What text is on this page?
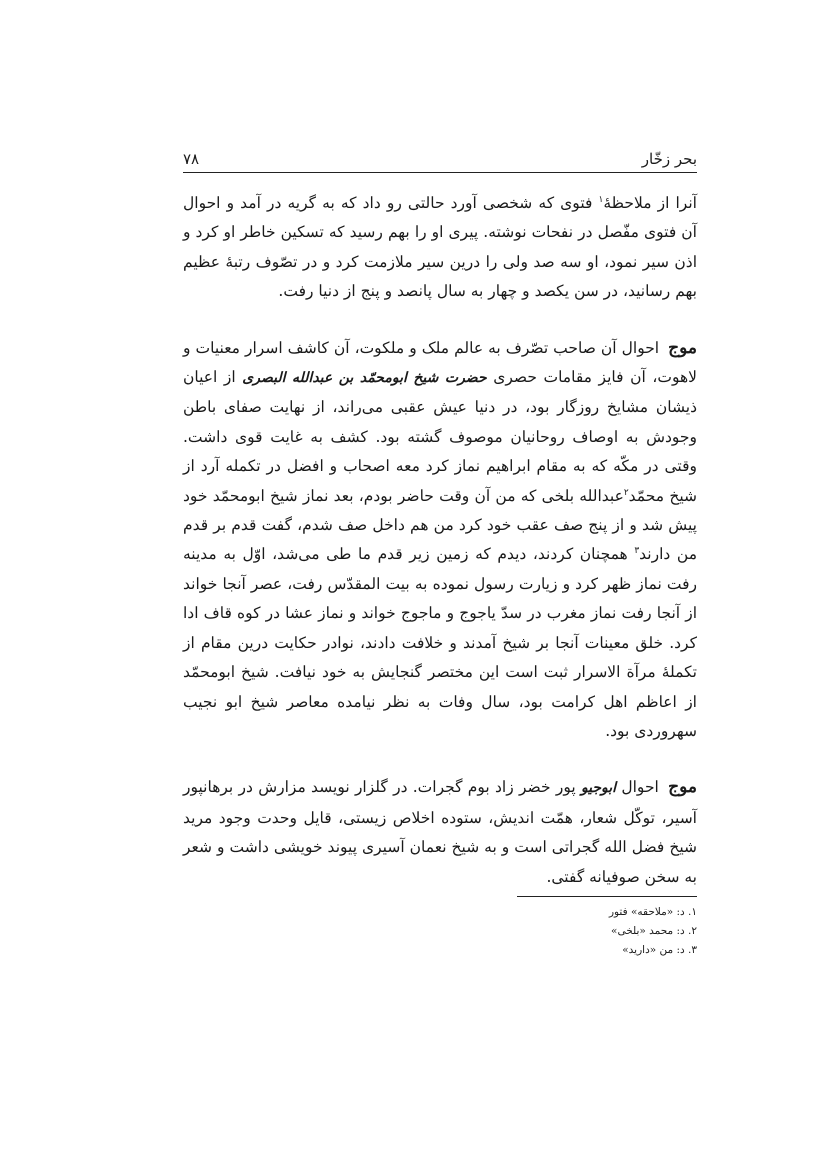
بحر زخّار
۷۸

آنرا از ملاحظهٔ$^۱$ فتوی که شخصی آورد حالتی رو داد که به گریه در آمد و احوال آن فتوی مفّصل در نفحات نوشته. پیری او را بهم رسید که تسکین خاطر او کرد و اذن سیر نمود، او سه صد ولی را درین سیر ملازمت کرد و در تصّوف رتبهٔ عظیم بهم رسانید، در سن یکصد و چهار به سال پانصد و پنج از دنیا رفت.

موج احوال آن صاحب تصّرف به عالم ملک و ملکوت، آن کاشف اسرار معنیات و لاهوت، آن فایز مقامات حصری حضرت شیخ ابومحمّد بن عبدالله البصری از اعیان ذیشان مشایخ روزگار بود، در دنیا عیش عقبی می‌راند، از نهایت صفای باطن وجودش به اوصاف روحانیان موصوف گشته بود. کشف به غایت قوی داشت. وقتی در مکّه که به مقام ابراهیم نماز کرد معه اصحاب و افضل در تکمله آرد از شیخ محمّد$^۲$عبدالله بلخی که من آن وقت حاضر بودم، بعد نماز شیخ ابومحمّد خود پیش شد و از پنج صف عقب خود کرد من هم داخل صف شدم، گفت قدم بر قدم من دارند$^۳$ همچنان کردند، دیدم که زمین زیر قدم ما طی می‌شد، اوّل به مدینه رفت نماز ظهر کرد و زیارت رسول نموده به بیت المقدّس رفت، عصر آنجا خواند از آنجا رفت نماز مغرب در سدّ یاجوج و ماجوج خواند و نماز عشا در کوه قاف ادا کرد. خلق معینات آنجا بر شیخ آمدند و خلافت دادند، نوادر حکایت درین مقام از تکملهٔ مرآة الاسرار ثبت است این مختصر گنجایش به خود نیافت. شیخ ابومحمّد از اعاظم اهل کرامت بود، سال وفات به نظر نیامده معاصر شیخ ابو نجیب سهروردی بود.

موج احوال ابوجیو پور خضر زاد بوم گجرات. در گلزار نویسد مزارش در برهانپور آسیر، توکّل شعار، همّت اندیش، ستوده اخلاص زیستی، قایل وحدت وجود مرید شیخ فضل الله گجراتی است و به شیخ نعمان آسیری پیوند خویشی داشت و شعر به سخن صوفیانه گفتی.

۱. د: «ملاحقه» فتور
۲. د: محمد «بلخی»
۳. د: من «دارید»
